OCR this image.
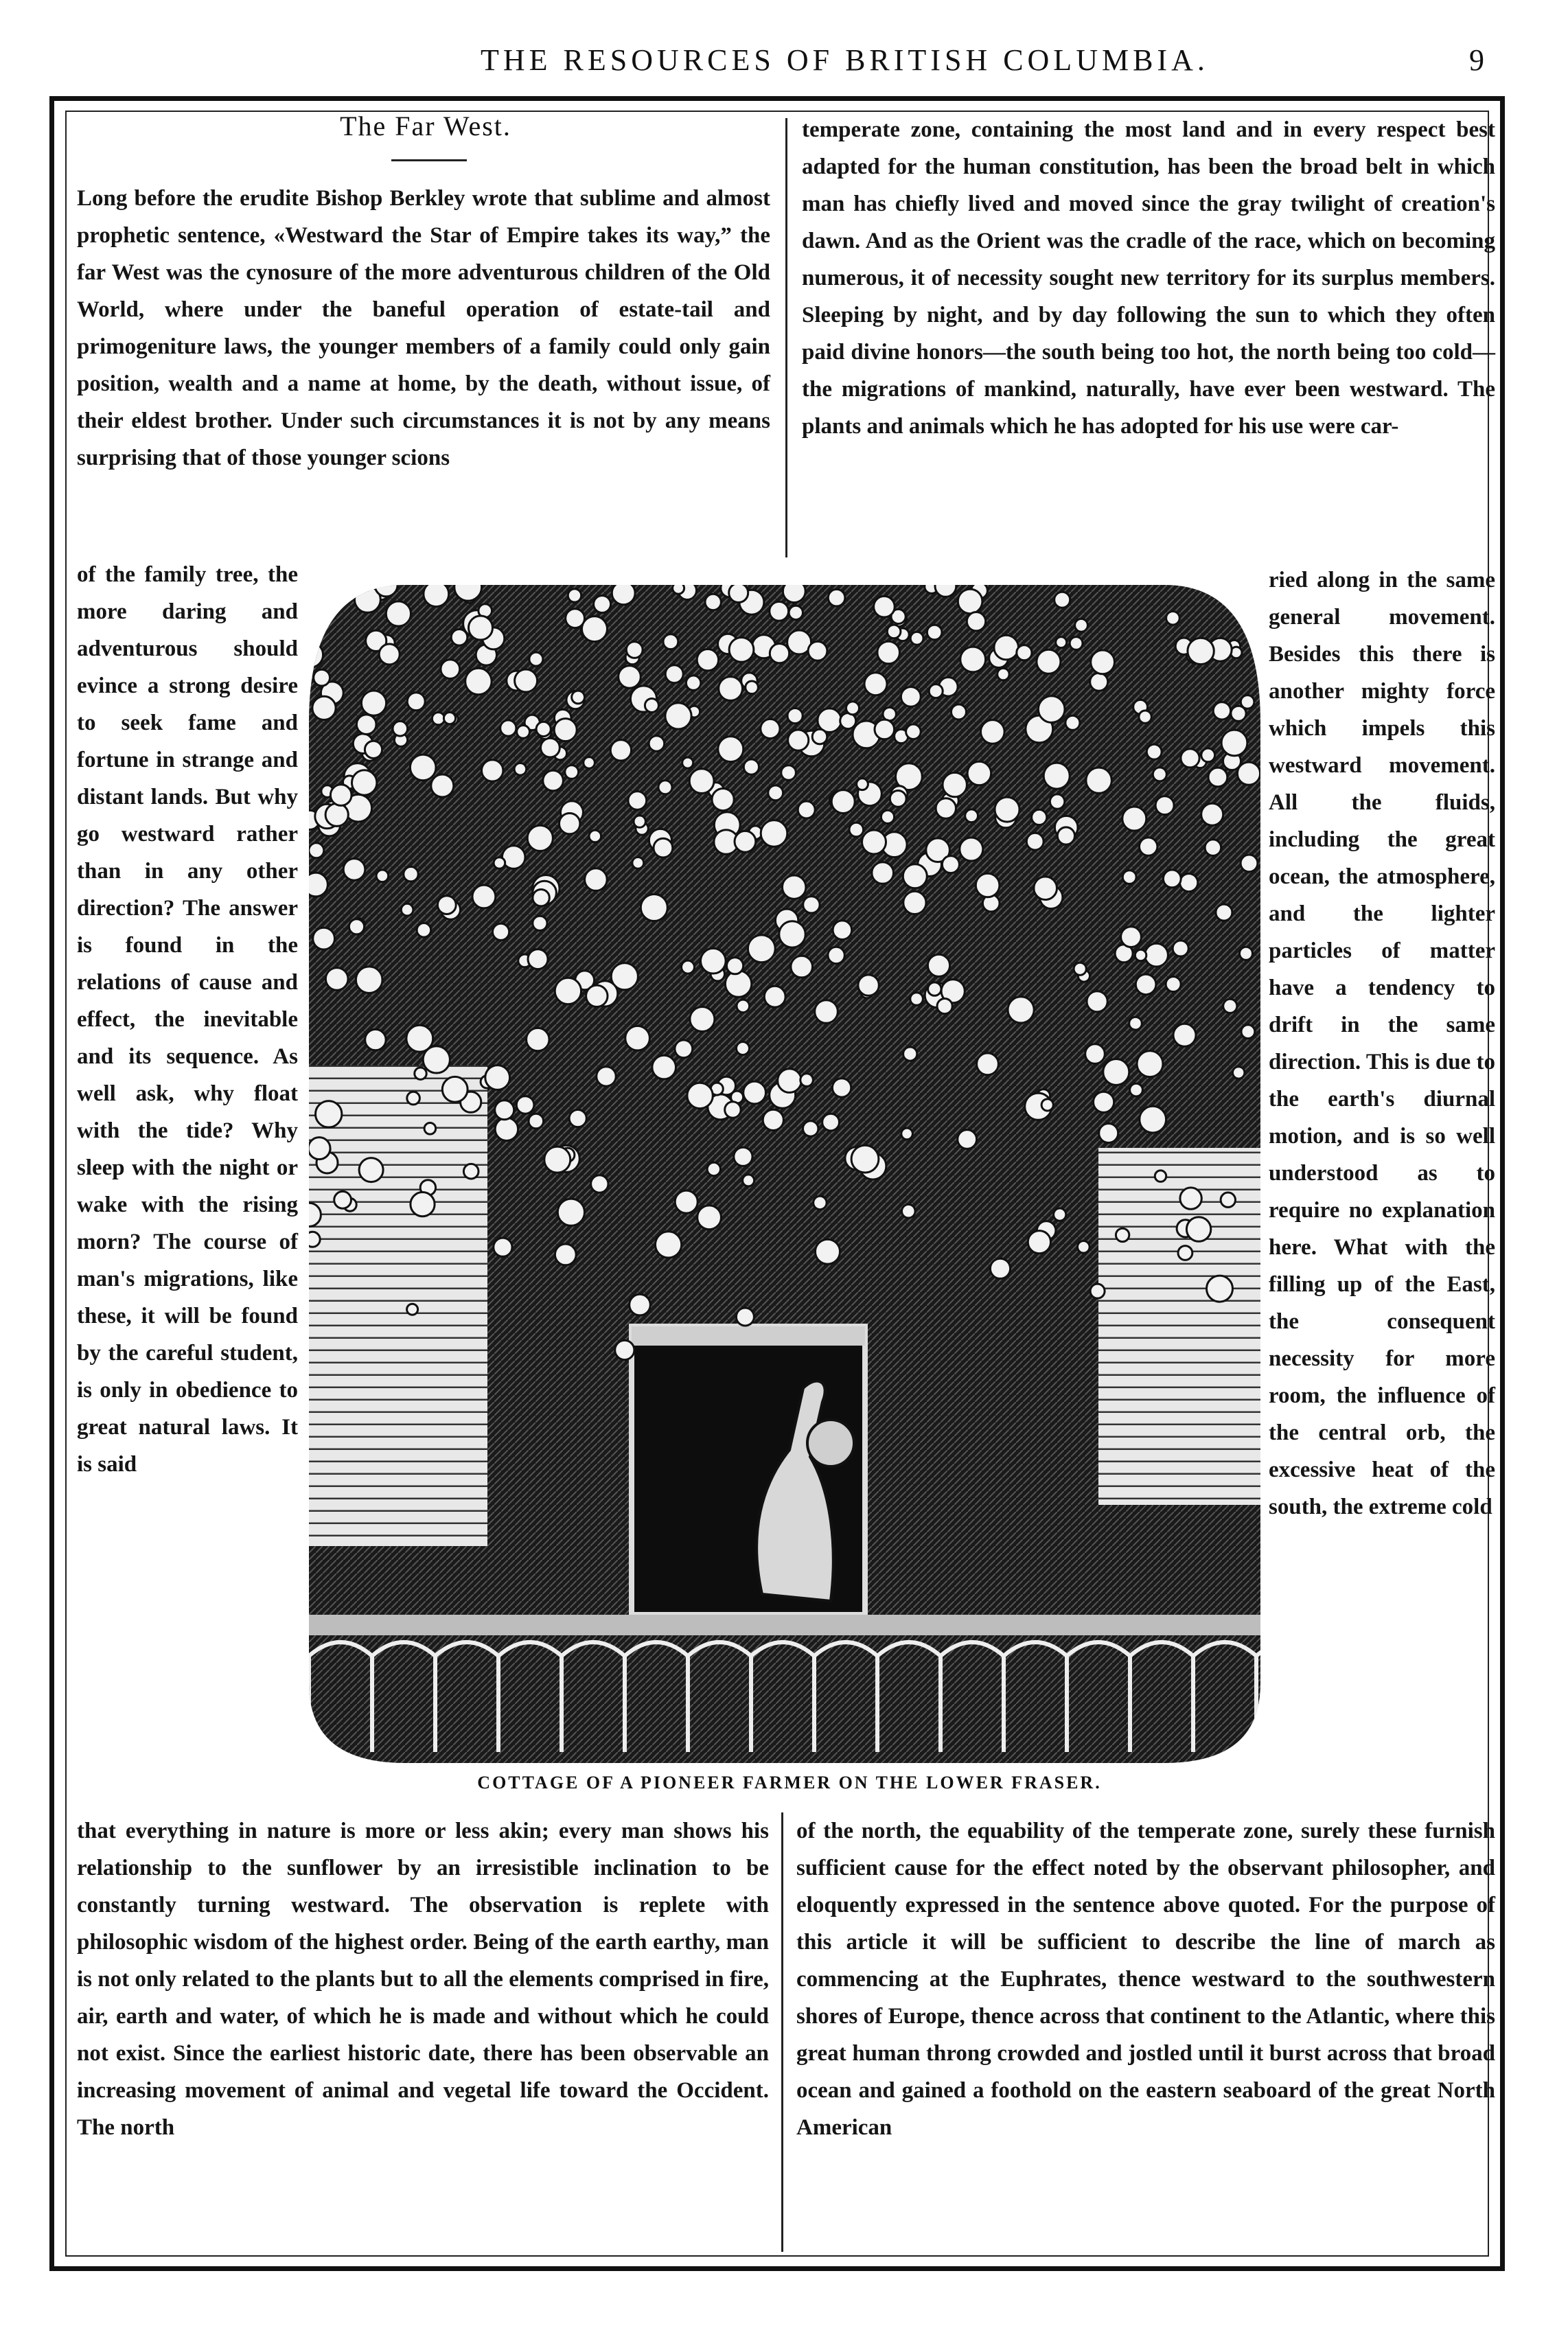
THE RESOURCES OF BRITISH COLUMBIA.	9
The Far West.

Long before the erudite Bishop Berkley wrote that sublime and almost prophetic sentence, «Westward the Star of Empire takes its way,” the far West was the cynosure of the more adventurous children of the Old World, where under the baneful operation of estate-tail and primogeniture laws, the younger members of a family could only gain position, wealth and a name at home, by the death, without issue, of their eldest brother. Under such circumstances it is not by any means surprising that of those younger scions

temperate zone, containing the most land and in every respect best adapted for the human constitution, has been the broad belt in which man has chiefly lived and moved since the gray twilight of creation's dawn. And as the Orient was the cradle of the race, which on becoming numerous, it of necessity sought new territory for its surplus members. Sleeping by night, and by day following the sun to which they often paid divine honors—the south being too hot, the north being too cold—the migrations of mankind, naturally, have ever been westward. The plants and animals which he has adopted for his use were car-

of the family tree, the more daring and adventurous should evince a strong desire to seek fame and fortune in strange and distant lands. But why go westward rather than in any other direction? The answer is found in the relations of cause and effect, the inevitable and its sequence. As well ask, why float with the tide? Why sleep with the night or wake with the rising morn? The course of man's migrations, like these, it will be found by the careful student, is only in obedience to great natural laws. It is said

ried along in the same general movement. Besides this there is another mighty force which impels this westward movement. All the fluids, including the great ocean, the atmosphere, and the lighter particles of matter have a tendency to drift in the same direction. This is due to the earth's diurnal motion, and is so well understood as to require no explanation here. What with the filling up of the East, the consequent necessity for more room, the influence of the central orb, the excessive heat of the south, the extreme cold

COTTAGE OF A PIONEER FARMER ON THE LOWER FRASER.

that everything in nature is more or less akin; every man shows his relationship to the sunflower by an irresistible inclination to be constantly turning westward. The observation is replete with philosophic wisdom of the highest order. Being of the earth earthy, man is not only related to the plants but to all the elements comprised in fire, air, earth and water, of which he is made and without which he could not exist. Since the earliest historic date, there has been observable an increasing movement of animal and vegetal life toward the Occident. The north

of the north, the equability of the temperate zone, surely these furnish sufficient cause for the effect noted by the observant philosopher, and eloquently expressed in the sentence above quoted. For the purpose of this article it will be sufficient to describe the line of march as commencing at the Euphrates, thence westward to the southwestern shores of Europe, thence across that continent to the Atlantic, where this great human throng crowded and jostled until it burst across that broad ocean and gained a foothold on the eastern seaboard of the great North American
